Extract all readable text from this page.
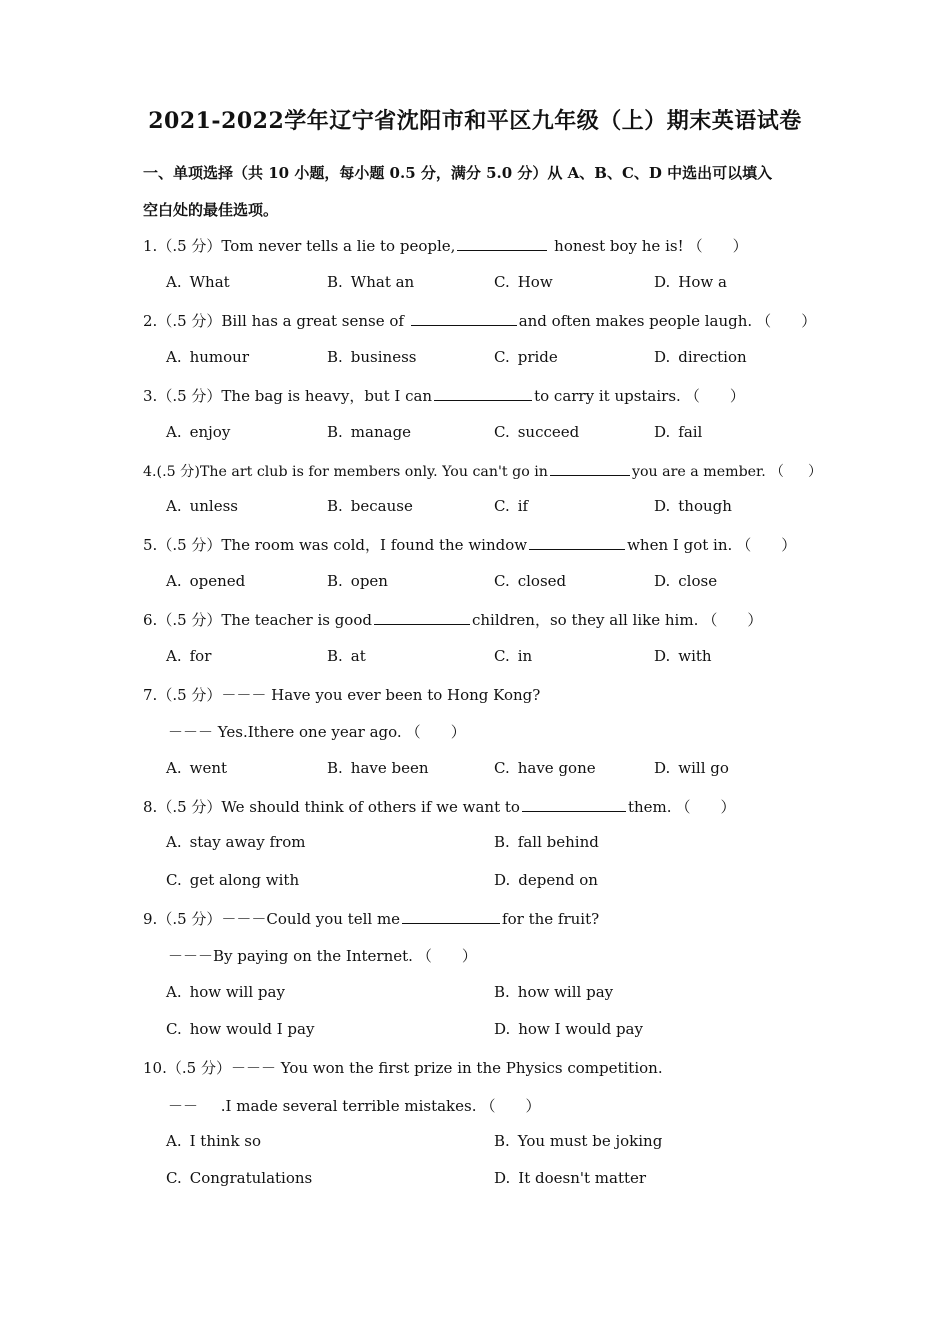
2021-2022学年辽宁省沈阳市和平区九年级（上）期末英语试卷
一、单项选择（共 10 小题，每小题 0.5 分，满分 5.0 分）从 A、B、C、D 中选出可以填入
空白处的最佳选项。
1.（.5 分）Tom never tells a lie to people,	honest boy he is! （ ）
A. What	B. What an	C. How	D. How a
2.（.5 分）Bill has a great sense of	and often makes people laugh. （ ）
A. humour	B. business	C. pride	D. direction
3.（.5 分）The bag is heavy，but I can	to carry it upstairs. （ ）
A. enjoy	B. manage	C. succeed	D. fail
4.(.5 分)The art club is for members only. You can't go in	you are a member. （ ）
A. unless	B. because	C. if	D. though
5.（.5 分）The room was cold，I found the window	when I got in. （ ）
A. opened	B. open	C. closed	D. close
6.（.5 分）The teacher is good	children，so they all like him. （ ）
A. for	B. at	C. in	D. with
7.（.5 分）－－－ Have you ever been to Hong Kong?
－－－ Yes.Ithere one year ago. （ ）
A. went	B. have been	C. have gone	D. will go
8.（.5 分）We should think of others if we want to	them. （ ）
A. stay away from	B. fall behind
C. get along with	D. depend on
9.（.5 分）－－－Could you tell me	for the fruit?
－－－By paying on the Internet. （ ）
A. how will pay	B. how will pay
C. how would I pay	D. how I would pay
10.（.5 分）－－－ You won the first prize in the Physics competition.
－－ .I made several terrible mistakes. （ ）
A. I think so	B. You must be joking
C. Congratulations	D. It doesn't matter
